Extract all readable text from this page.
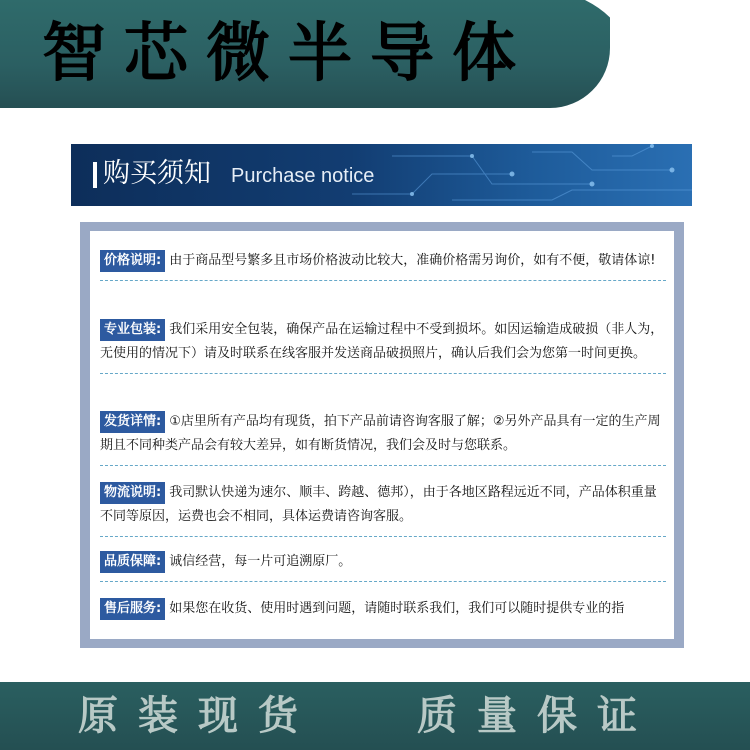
智芯微半导体
购买须知 Purchase notice
价格说明: 由于商品型号繁多且市场价格波动比较大，准确价格需另询价，如有不便，敬请体谅!
专业包装: 我们采用安全包装，确保产品在运输过程中不受到损坏。如因运输造成破损（非人为，无使用的情况下）请及时联系在线客服并发送商品破损照片，确认后我们会为您第一时间更换。
发货详情: ①店里所有产品均有现货，拍下产品前请咨询客服了解；②另外产品具有一定的生产周期且不同种类产品会有较大差异，如有断货情况，我们会及时与您联系。
物流说明: 我司默认快递为速尔、顺丰、跨越、德邦），由于各地区路程远近不同，产品体积重量不同等原因，运费也会不相同，具体运费请咨询客服。
品质保障: 诚信经营，每一片可追溯原厂。
售后服务: 如果您在收货、使用时遇到问题，请随时联系我们，我们可以随时提供专业的指
原装现货 质量保证
